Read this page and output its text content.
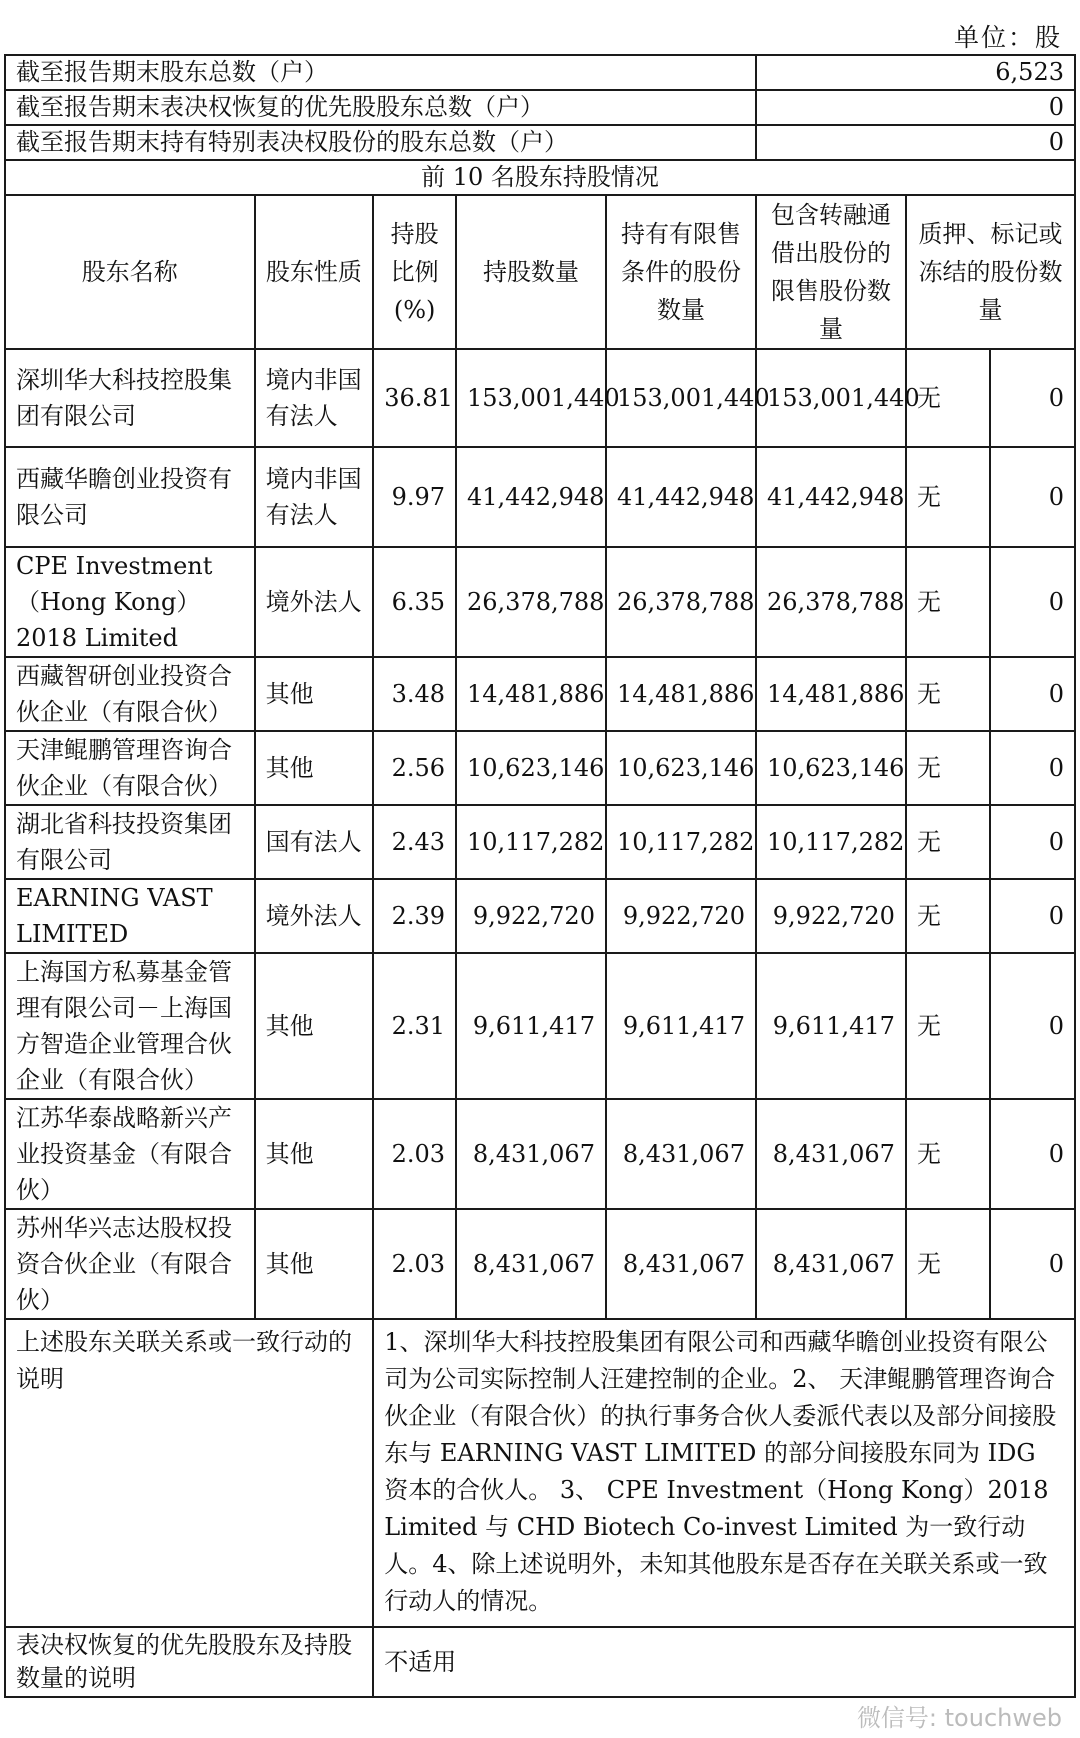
单位：股
截至报告期末股东总数（户）					6,523		
截至报告期末表决权恢复的优先股股东总数（户）					0		
截至报告期末持有特别表决权股份的股东总数（户）					0		
前 10 名股东持股情况							
股东名称	股东性质	持股比例(%)	持股数量	持有有限售条件的股份数量	包含转融通借出股份的限售股份数量	质押、标记或冻结的股份数量	
深圳华大科技控股集团有限公司	境内非国有法人	36.81	153,001,440	153,001,440	153,001,440	无	0
西藏华瞻创业投资有限公司	境内非国有法人	9.97	41,442,948	41,442,948	41,442,948	无	0
CPE Investment（Hong Kong）2018 Limited	境外法人	6.35	26,378,788	26,378,788	26,378,788	无	0
西藏智研创业投资合伙企业（有限合伙）	其他	3.48	14,481,886	14,481,886	14,481,886	无	0
天津鲲鹏管理咨询合伙企业（有限合伙）	其他	2.56	10,623,146	10,623,146	10,623,146	无	0
湖北省科技投资集团有限公司	国有法人	2.43	10,117,282	10,117,282	10,117,282	无	0
EARNING VAST LIMITED	境外法人	2.39	9,922,720	9,922,720	9,922,720	无	0
上海国方私募基金管理有限公司－上海国方智造企业管理合伙企业（有限合伙）	其他	2.31	9,611,417	9,611,417	9,611,417	无	0
江苏华泰战略新兴产业投资基金（有限合伙）	其他	2.03	8,431,067	8,431,067	8,431,067	无	0
苏州华兴志达股权投资合伙企业（有限合伙）	其他	2.03	8,431,067	8,431,067	8,431,067	无	0
上述股东关联关系或一致行动的说明		1、深圳华大科技控股集团有限公司和西藏华瞻创业投资有限公司为公司实际控制人汪建控制的企业。2、 天津鲲鹏管理咨询合伙企业（有限合伙）的执行事务合伙人委派代表以及部分间接股东与 EARNING VAST LIMITED 的部分间接股东同为 IDG 资本的合伙人。 3、 CPE Investment（Hong Kong）2018 Limited 与 CHD Biotech Co-invest Limited 为一致行动人。4、除上述说明外，未知其他股东是否存在关联关系或一致行动人的情况。					
表决权恢复的优先股股东及持股数量的说明		不适用					
微信号: touchweb
